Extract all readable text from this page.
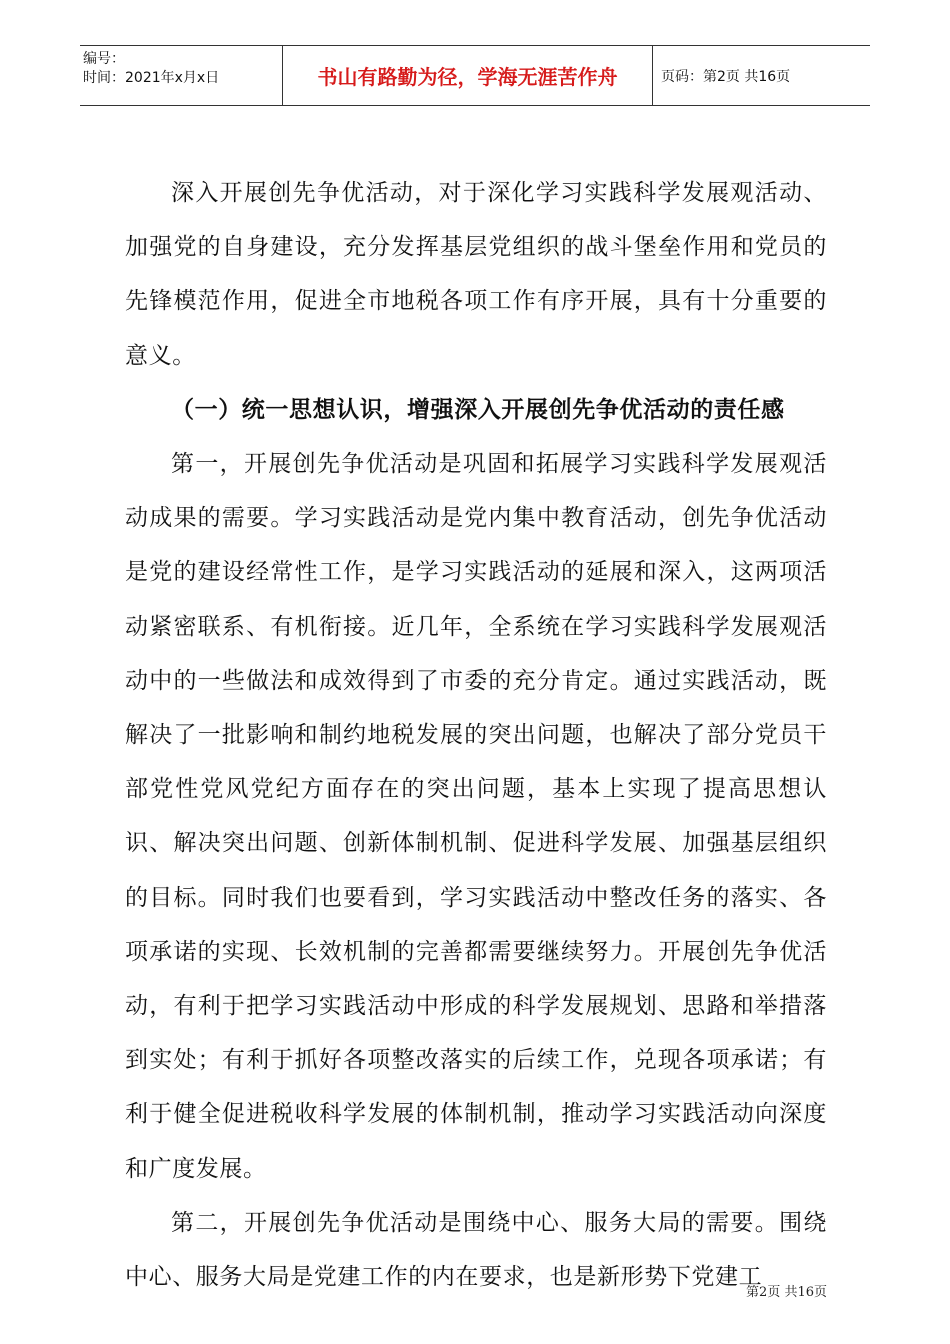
编号：
时间：2021年x月x日	书山有路勤为径，学海无涯苦作舟	页码：第2页 共16页

深入开展创先争优活动，对于深化学习实践科学发展观活动、加强党的自身建设，充分发挥基层党组织的战斗堡垒作用和党员的先锋模范作用，促进全市地税各项工作有序开展，具有十分重要的意义。

（一）统一思想认识，增强深入开展创先争优活动的责任感

第一，开展创先争优活动是巩固和拓展学习实践科学发展观活动成果的需要。学习实践活动是党内集中教育活动，创先争优活动是党的建设经常性工作，是学习实践活动的延展和深入，这两项活动紧密联系、有机衔接。近几年，全系统在学习实践科学发展观活动中的一些做法和成效得到了市委的充分肯定。通过实践活动，既解决了一批影响和制约地税发展的突出问题，也解决了部分党员干部党性党风党纪方面存在的突出问题，基本上实现了提高思想认识、解决突出问题、创新体制机制、促进科学发展、加强基层组织的目标。同时我们也要看到，学习实践活动中整改任务的落实、各项承诺的实现、长效机制的完善都需要继续努力。开展创先争优活动，有利于把学习实践活动中形成的科学发展规划、思路和举措落到实处；有利于抓好各项整改落实的后续工作，兑现各项承诺；有利于健全促进税收科学发展的体制机制，推动学习实践活动向深度和广度发展。

第二，开展创先争优活动是围绕中心、服务大局的需要。围绕中心、服务大局是党建工作的内在要求，也是新形势下党建工

第2页 共16页
